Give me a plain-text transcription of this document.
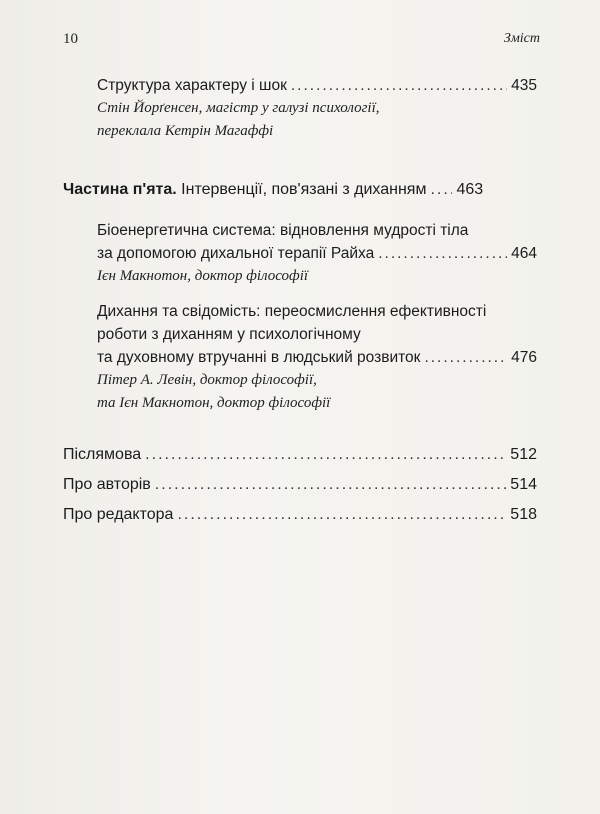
10	Зміст
Структура характеру і шок .....	435
Стін Йорґенсен, магістр у галузі психології,
переклала Кетрін Магаффі
Частина п'ята. Інтервенції, пов'язані з диханням ..... 463
Біоенергетична система: відновлення мудрості тіла
за допомогою дихальної терапії Райха .....	464
Ієн Макнотон, доктор філософії
Дихання та свідомість: переосмислення ефективності
роботи з диханням у психологічному
та духовному втручанні в людський розвиток .....	476
Пітер А. Левін, доктор філософії,
та Ієн Макнотон, доктор філософії
Післямова .....	512
Про авторів .....	514
Про редактора .....	518
